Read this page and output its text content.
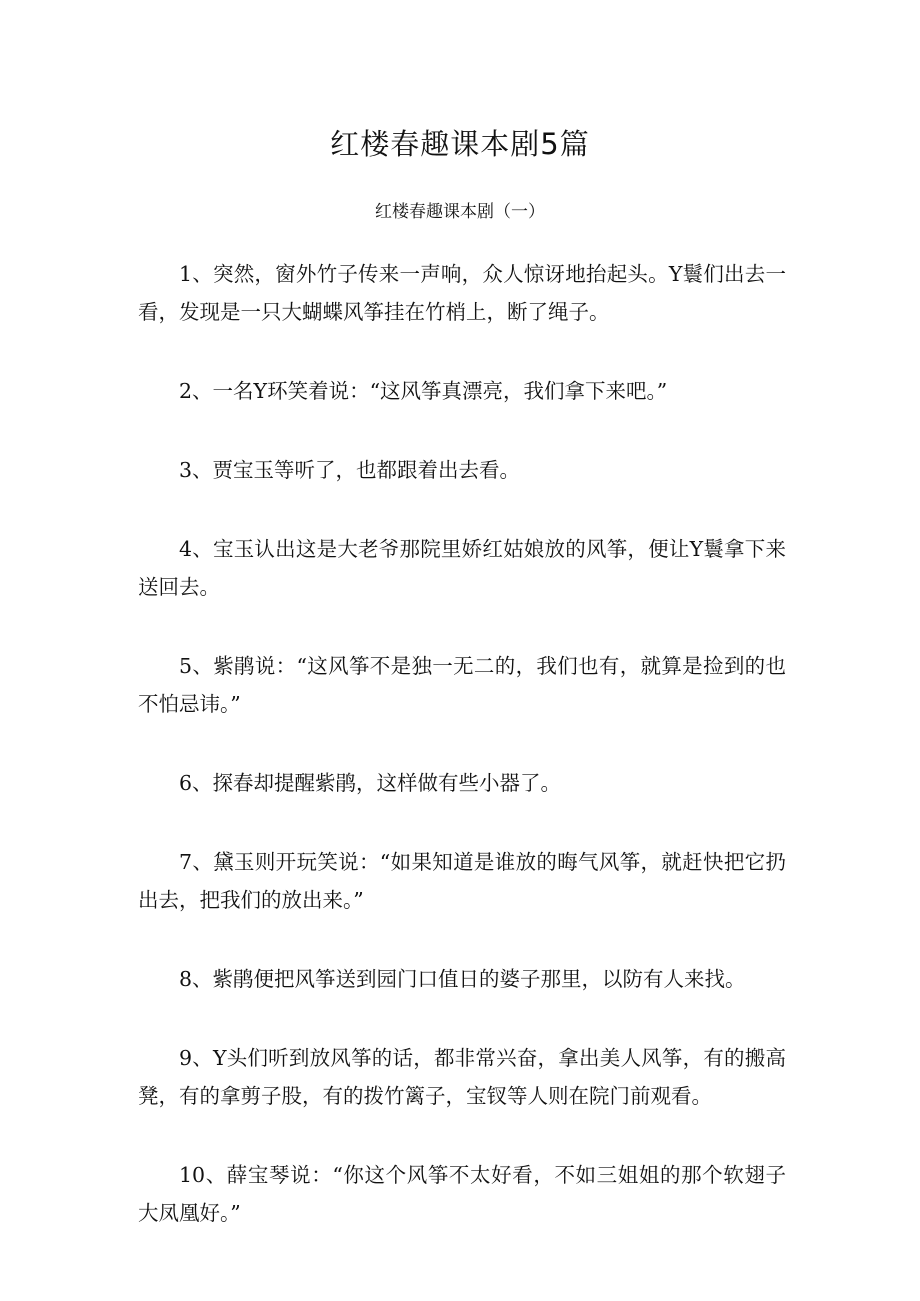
红楼春趣课本剧5篇
红楼春趣课本剧（一）

1、突然，窗外竹子传来一声响，众人惊讶地抬起头。Y鬟们出去一看，发现是一只大蝴蝶风筝挂在竹梢上，断了绳子。

2、一名Y环笑着说：“这风筝真漂亮，我们拿下来吧。”

3、贾宝玉等听了，也都跟着出去看。

4、宝玉认出这是大老爷那院里娇红姑娘放的风筝，便让Y鬟拿下来送回去。

5、紫鹃说：“这风筝不是独一无二的，我们也有，就算是捡到的也不怕忌讳。”

6、探春却提醒紫鹃，这样做有些小器了。

7、黛玉则开玩笑说：“如果知道是谁放的晦气风筝，就赶快把它扔出去，把我们的放出来。”

8、紫鹃便把风筝送到园门口值日的婆子那里，以防有人来找。

9、Y头们听到放风筝的话，都非常兴奋，拿出美人风筝，有的搬高凳，有的拿剪子股，有的拨竹篱子，宝钗等人则在院门前观看。

10、薛宝琴说：“你这个风筝不太好看，不如三姐姐的那个软翅子大凤凰好。”
